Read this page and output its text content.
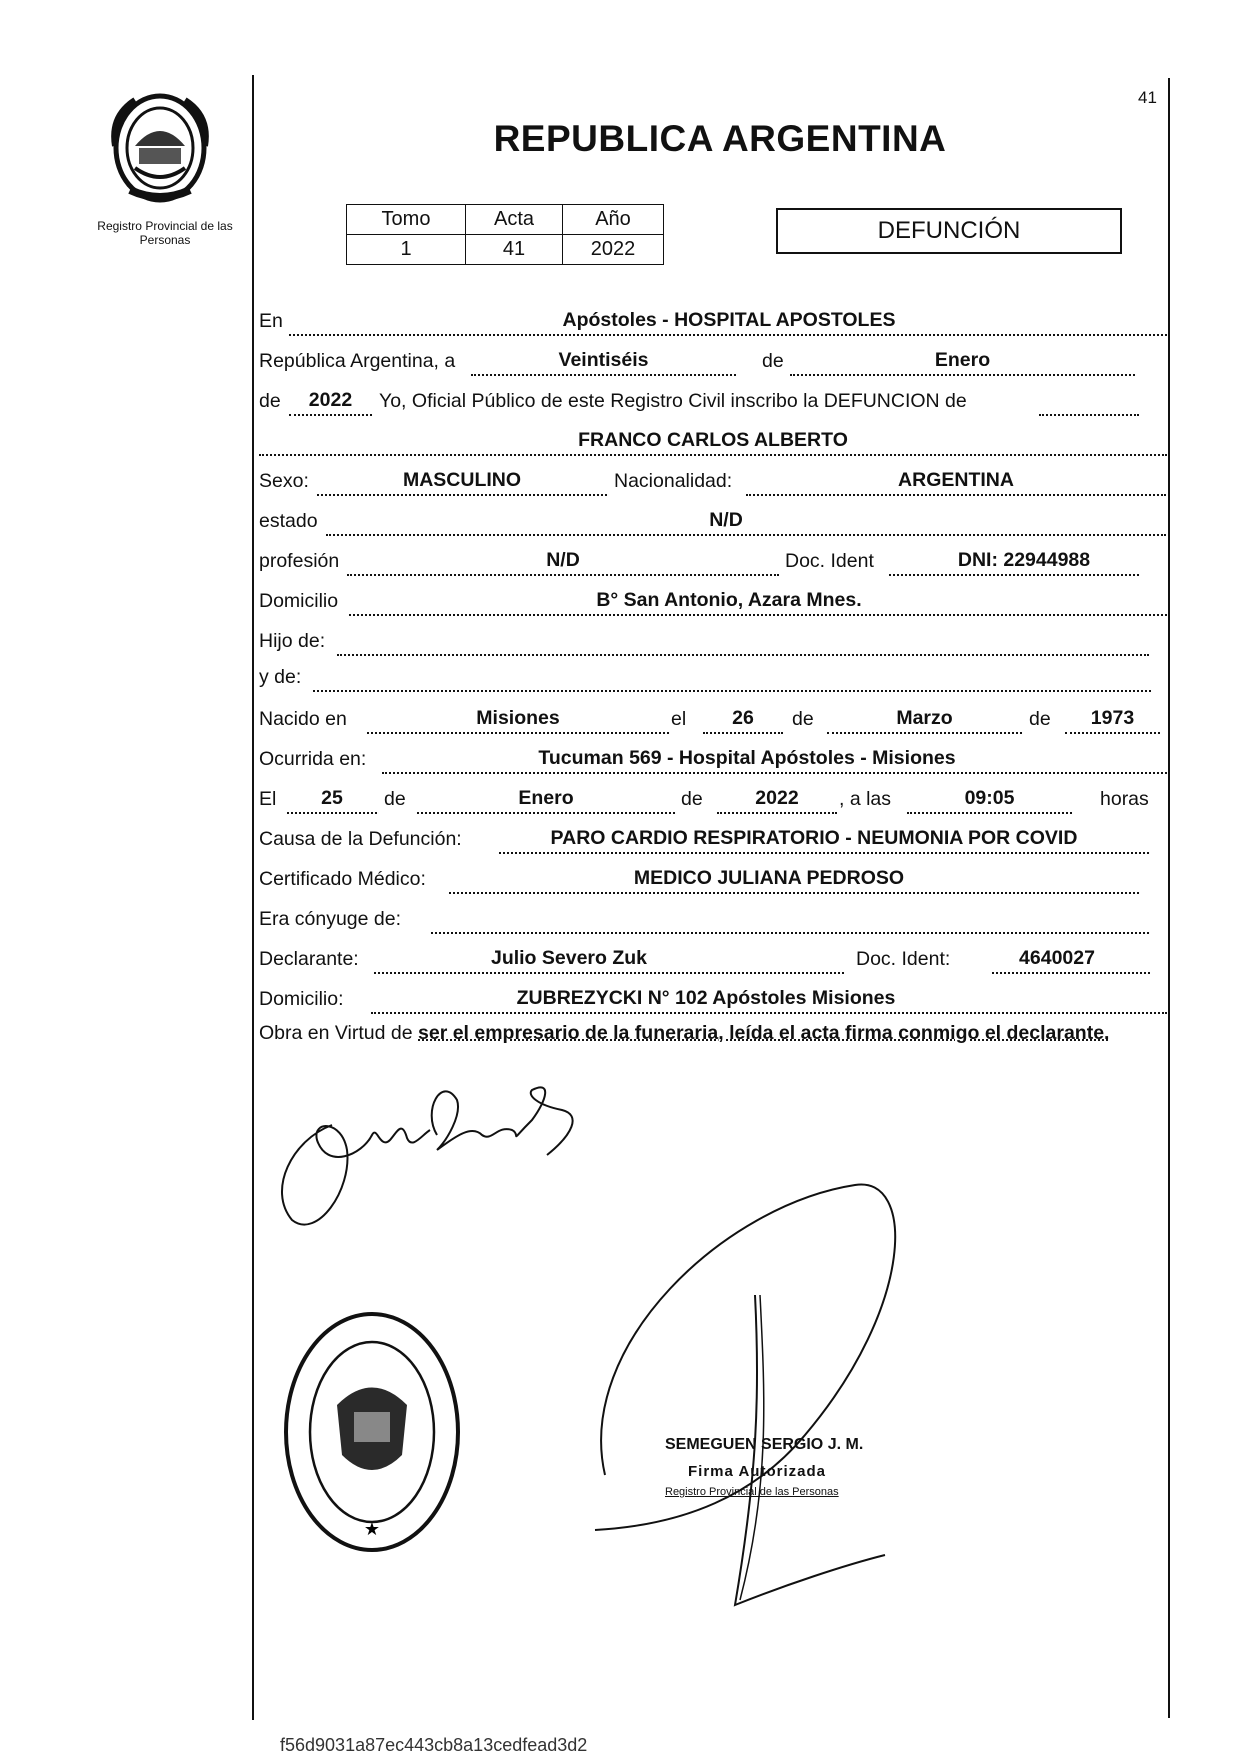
Registro Provincial de las Personas
41
REPUBLICA ARGENTINA
Tomo	Acta	Año
1	41	2022
DEFUNCIÓN
En	Apóstoles - HOSPITAL APOSTOLES
República Argentina, a	Veintiséis	de	Enero
de	2022	Yo, Oficial Público de este Registro Civil inscribo la DEFUNCION de
FRANCO CARLOS ALBERTO
Sexo:	MASCULINO	Nacionalidad:	ARGENTINA
estado	N/D
profesión	N/D	Doc. Ident	DNI: 22944988
Domicilio	B° San Antonio, Azara Mnes.
Hijo de:
y de:
Nacido en	Misiones	el	26	de	Marzo	de	1973
Ocurrida en:	Tucuman 569 - Hospital Apóstoles - Misiones
El	25	de	Enero	de	2022	, a las	09:05	horas
Causa de la Defunción:	PARO CARDIO RESPIRATORIO - NEUMONIA POR COVID
Certificado Médico:	MEDICO JULIANA PEDROSO
Era cónyuge de:
Declarante:	Julio Severo Zuk	Doc. Ident:	4640027
Domicilio:	ZUBREZYCKI N° 102 Apóstoles Misiones
Obra en Virtud de ser el empresario de la funeraria, leída el acta firma conmigo el declarante.
★
SEMEGUEN SERGIO J. M.
Firma Autorizada
Registro Provincial de las Personas
f56d9031a87ec443cb8a13cedfead3d2
